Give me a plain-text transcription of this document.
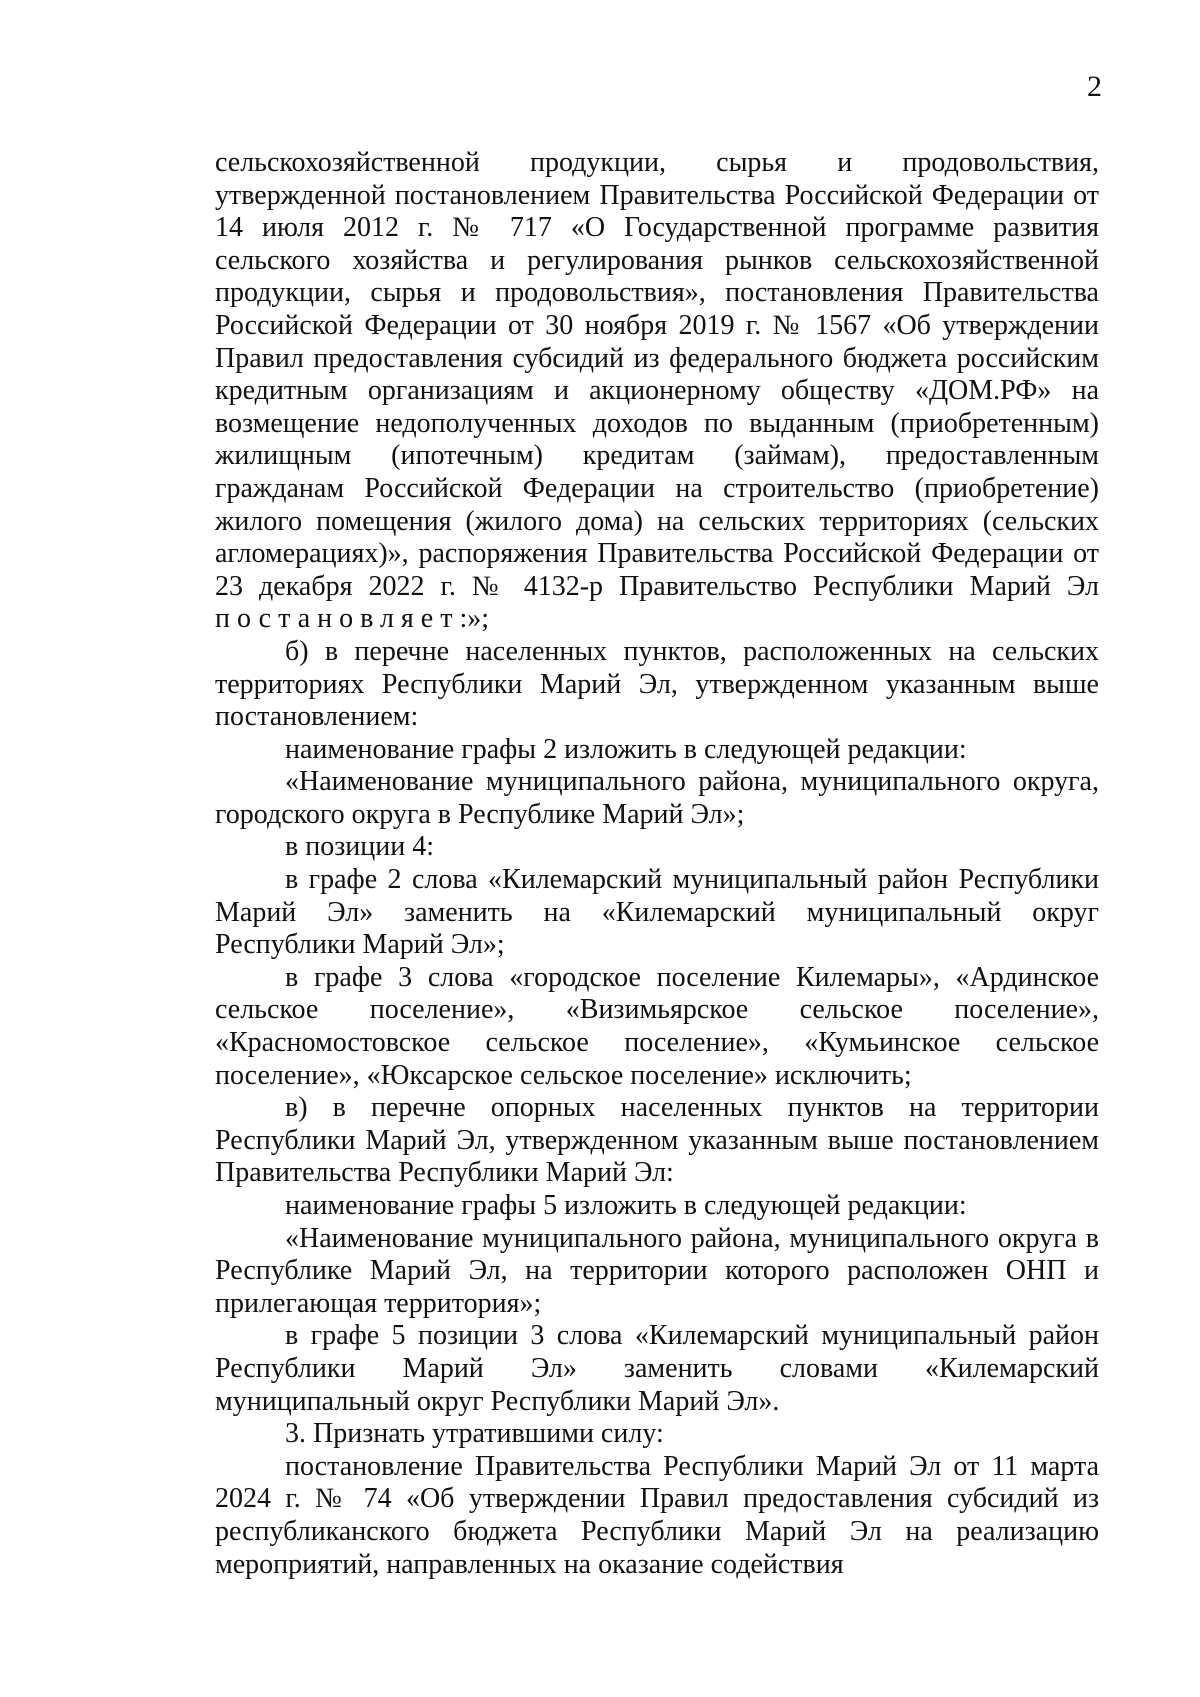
2

сельскохозяйственной продукции, сырья и продовольствия, утвержденной постановлением Правительства Российской Федерации от 14 июля 2012 г. № 717 «О Государственной программе развития сельского хозяйства и регулирования рынков сельскохозяйственной продукции, сырья и продовольствия», постановления Правительства Российской Федерации от 30 ноября 2019 г. № 1567 «Об утверждении Правил предоставления субсидий из федерального бюджета российским кредитным организациям и акционерному обществу «ДОМ.РФ» на возмещение недополученных доходов по выданным (приобретенным) жилищным (ипотечным) кредитам (займам), предоставленным гражданам Российской Федерации на строительство (приобретение) жилого помещения (жилого дома) на сельских территориях (сельских агломерациях)», распоряжения Правительства Российской Федерации от 23 декабря 2022 г. № 4132-р Правительство Республики Марий Эл постановляет:»;

б) в перечне населенных пунктов, расположенных на сельских территориях Республики Марий Эл, утвержденном указанным выше постановлением:

наименование графы 2 изложить в следующей редакции:

«Наименование муниципального района, муниципального округа, городского округа в Республике Марий Эл»;

в позиции 4:

в графе 2 слова «Килемарский муниципальный район Республики Марий Эл» заменить на «Килемарский муниципальный округ Республики Марий Эл»;

в графе 3 слова «городское поселение Килемары», «Ардинское сельское поселение», «Визимьярское сельское поселение», «Красномостовское сельское поселение», «Кумьинское сельское поселение», «Юксарское сельское поселение» исключить;

в) в перечне опорных населенных пунктов на территории Республики Марий Эл, утвержденном указанным выше постановлением Правительства Республики Марий Эл:

наименование графы 5 изложить в следующей редакции:

«Наименование муниципального района, муниципального округа в Республике Марий Эл, на территории которого расположен ОНП и прилегающая территория»;

в графе 5 позиции 3 слова «Килемарский муниципальный район Республики Марий Эл» заменить словами «Килемарский муниципальный округ Республики Марий Эл».

3. Признать утратившими силу:

постановление Правительства Республики Марий Эл от 11 марта 2024 г. № 74 «Об утверждении Правил предоставления субсидий из республиканского бюджета Республики Марий Эл на реализацию мероприятий, направленных на оказание содействия
